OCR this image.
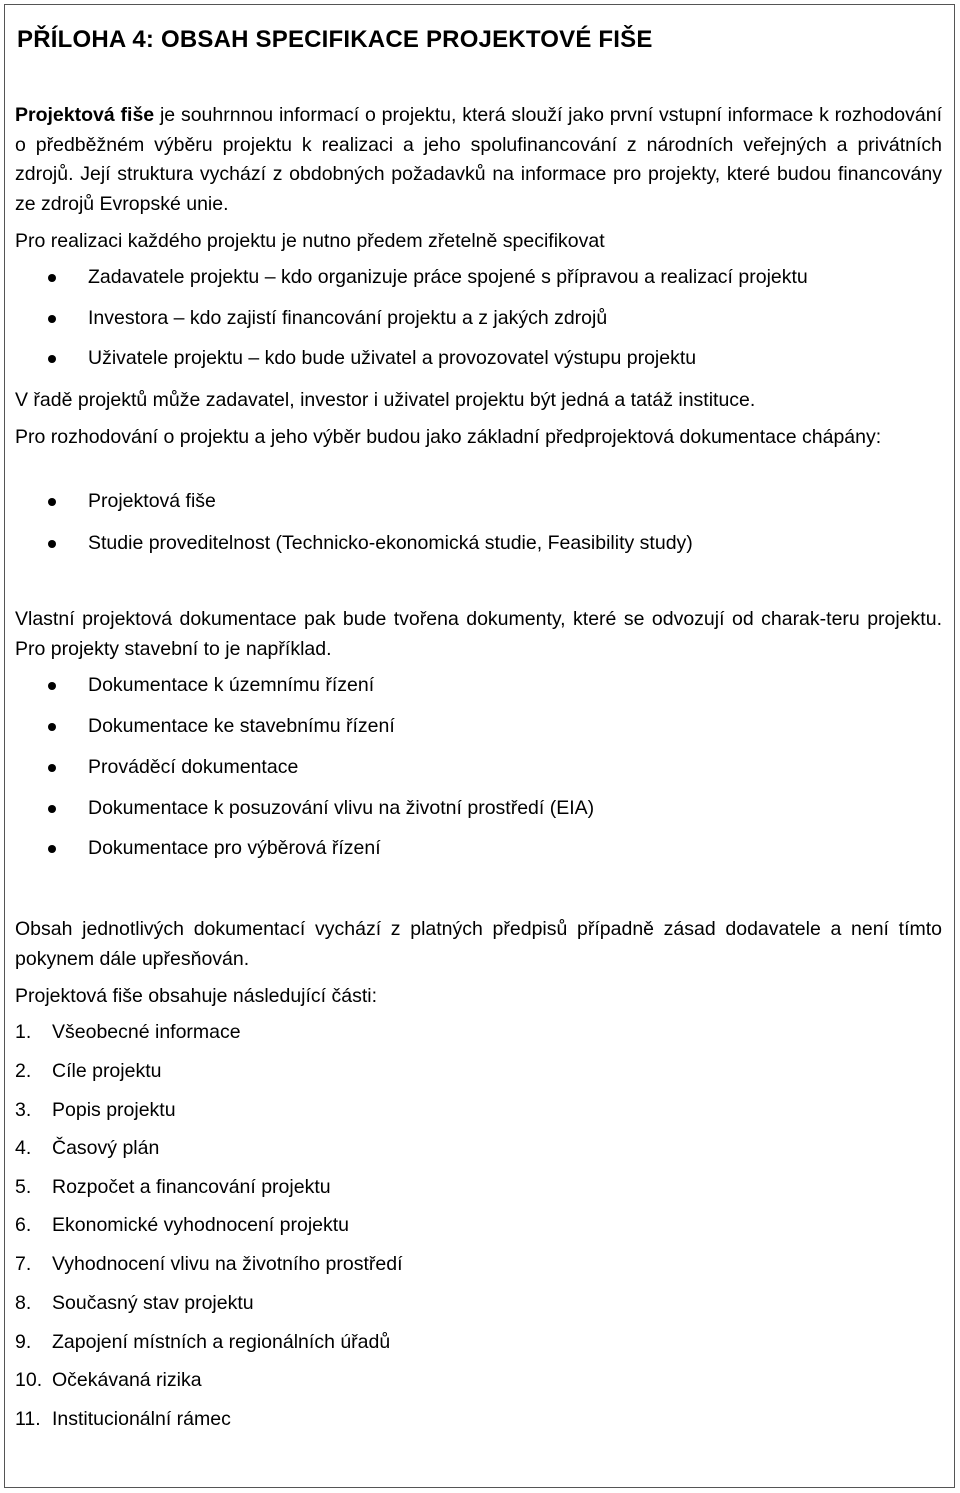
PŘÍLOHA 4: OBSAH SPECIFIKACE PROJEKTOVÉ FIŠE

Projektová fiše je souhrnnou informací o projektu, která slouží jako první vstupní informace k rozhodování o předběžném výběru projektu k realizaci a jeho spolufinancování z národních veřejných a privátních zdrojů. Její struktura vychází z obdobných požadavků na informace pro projekty, které budou financovány ze zdrojů Evropské unie.

Pro realizaci každého projektu je nutno předem zřetelně specifikovat

Zadavatele projektu – kdo organizuje práce spojené s přípravou a realizací projektu
Investora – kdo zajistí financování projektu a z jakých zdrojů
Uživatele projektu – kdo bude uživatel a provozovatel výstupu projektu

V řadě projektů může zadavatel, investor i uživatel projektu být jedná a tatáž instituce.

Pro rozhodování o projektu a jeho výběr budou jako základní předprojektová dokumentace chápány:

Projektová fiše
Studie proveditelnost (Technicko-ekonomická studie, Feasibility study)

Vlastní projektová dokumentace pak bude tvořena dokumenty, které se odvozují od charak-teru projektu. Pro projekty stavební to je například.

Dokumentace k územnímu řízení
Dokumentace ke stavebnímu řízení
Prováděcí dokumentace
Dokumentace k posuzování vlivu na životní prostředí (EIA)
Dokumentace pro výběrová řízení

Obsah jednotlivých dokumentací vychází z platných předpisů případně zásad dodavatele a není tímto pokynem dále upřesňován.

Projektová fiše obsahuje následující části:

1. Všeobecné informace
2. Cíle projektu
3. Popis projektu
4. Časový plán
5. Rozpočet a financování projektu
6. Ekonomické vyhodnocení projektu
7. Vyhodnocení vlivu na životního prostředí
8. Současný stav projektu
9. Zapojení místních a regionálních úřadů
10. Očekávaná rizika
11. Institucionální rámec
